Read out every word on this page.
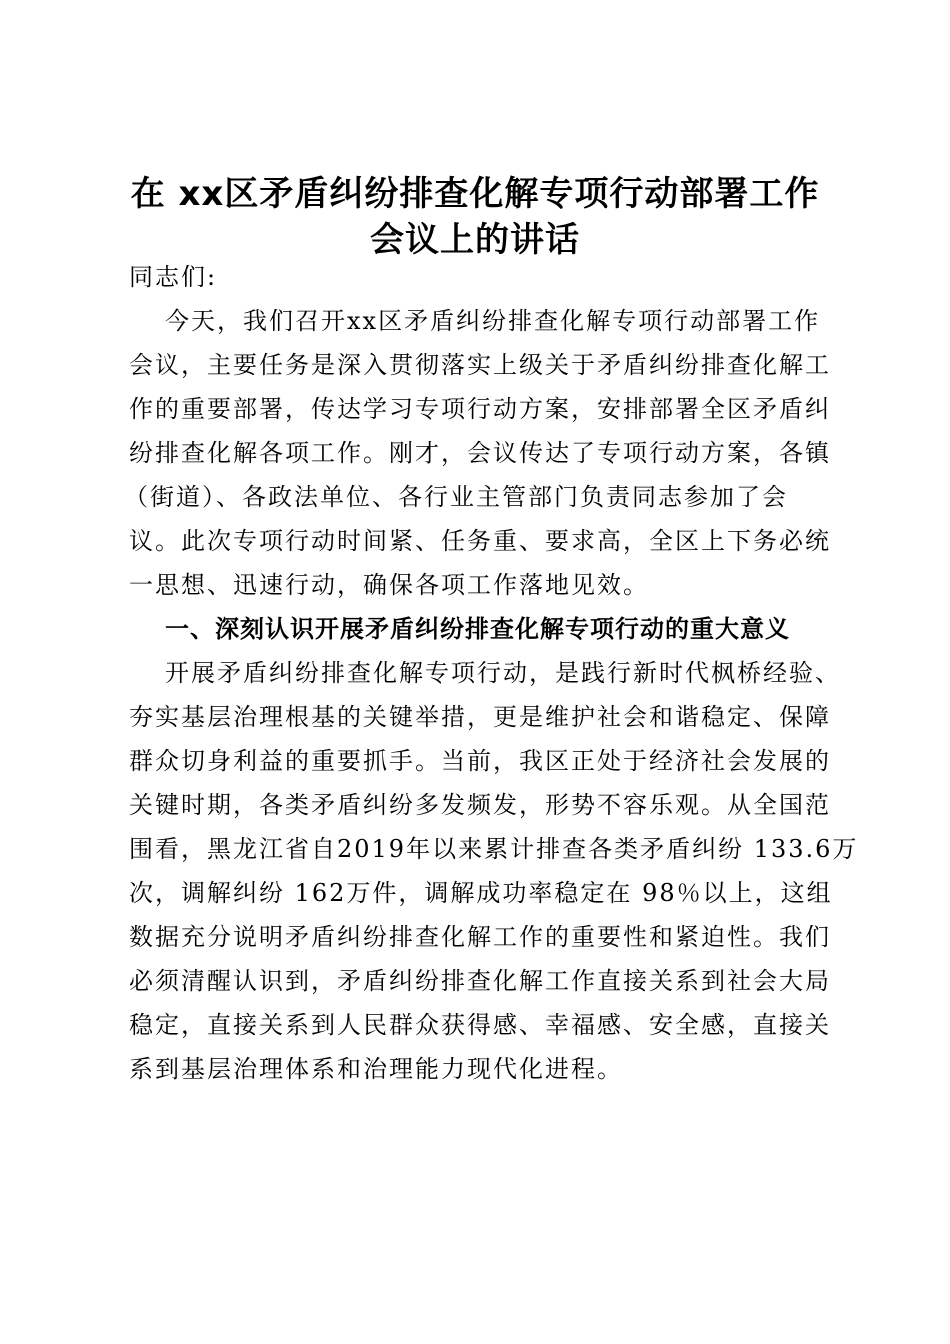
在 xx区矛盾纠纷排查化解专项行动部署工作
会议上的讲话
同志们:
今天，我们召开xx区矛盾纠纷排查化解专项行动部署工作
会议，主要任务是深入贯彻落实上级关于矛盾纠纷排查化解工
作的重要部署，传达学习专项行动方案，安排部署全区矛盾纠
纷排查化解各项工作。刚才，会议传达了专项行动方案，各镇
（街道）、各政法单位、各行业主管部门负责同志参加了会
议。此次专项行动时间紧、任务重、要求高，全区上下务必统
一思想、迅速行动，确保各项工作落地见效。
一、深刻认识开展矛盾纠纷排查化解专项行动的重大意义
开展矛盾纠纷排查化解专项行动，是践行新时代枫桥经验、
夯实基层治理根基的关键举措，更是维护社会和谐稳定、保障
群众切身利益的重要抓手。当前，我区正处于经济社会发展的
关键时期，各类矛盾纠纷多发频发，形势不容乐观。从全国范
围看，黑龙江省自2019年以来累计排查各类矛盾纠纷 133.6万
次，调解纠纷 162万件，调解成功率稳定在 98％以上，这组
数据充分说明矛盾纠纷排查化解工作的重要性和紧迫性。我们
必须清醒认识到，矛盾纠纷排查化解工作直接关系到社会大局
稳定，直接关系到人民群众获得感、幸福感、安全感，直接关
系到基层治理体系和治理能力现代化进程。
